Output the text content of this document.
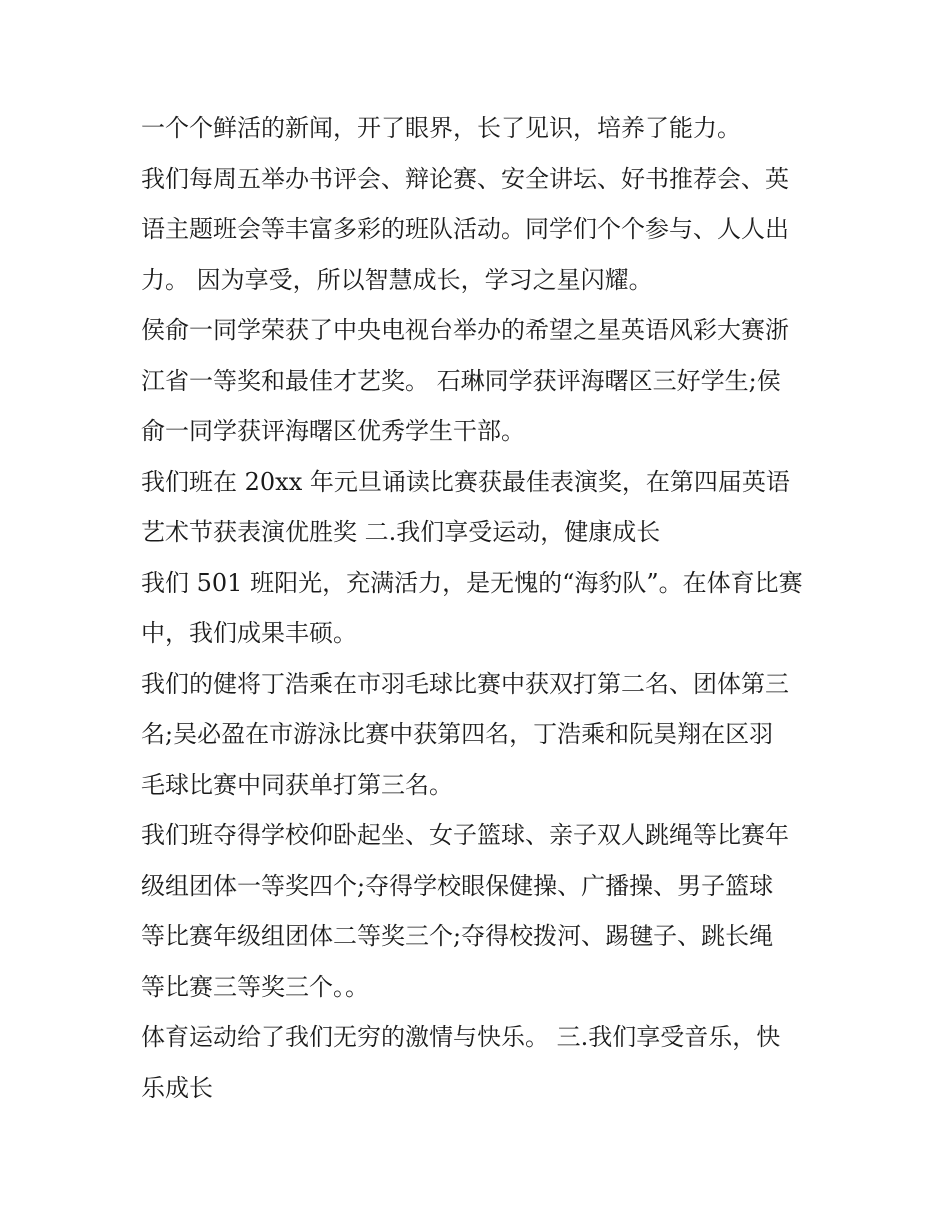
一个个鲜活的新闻，开了眼界，长了见识，培养了能力。

我们每周五举办书评会、辩论赛、安全讲坛、好书推荐会、英
语主题班会等丰富多彩的班队活动。同学们个个参与、人人出
力。 因为享受，所以智慧成长，学习之星闪耀。

侯俞一同学荣获了中央电视台举办的希望之星英语风彩大赛浙
江省一等奖和最佳才艺奖。 石琳同学获评海曙区三好学生;侯
俞一同学获评海曙区优秀学生干部。

我们班在 20xx 年元旦诵读比赛获最佳表演奖，在第四届英语
艺术节获表演优胜奖 二.我们享受运动，健康成长

我们 501 班阳光，充满活力，是无愧的“海豹队”。在体育比赛
中，我们成果丰硕。

我们的健将丁浩乘在市羽毛球比赛中获双打第二名、团体第三
名;吴必盈在市游泳比赛中获第四名，丁浩乘和阮昊翔在区羽
毛球比赛中同获单打第三名。

我们班夺得学校仰卧起坐、女子篮球、亲子双人跳绳等比赛年
级组团体一等奖四个;夺得学校眼保健操、广播操、男子篮球
等比赛年级组团体二等奖三个;夺得校拨河、踢毽子、跳长绳
等比赛三等奖三个。。

体育运动给了我们无穷的激情与快乐。 三.我们享受音乐，快
乐成长
